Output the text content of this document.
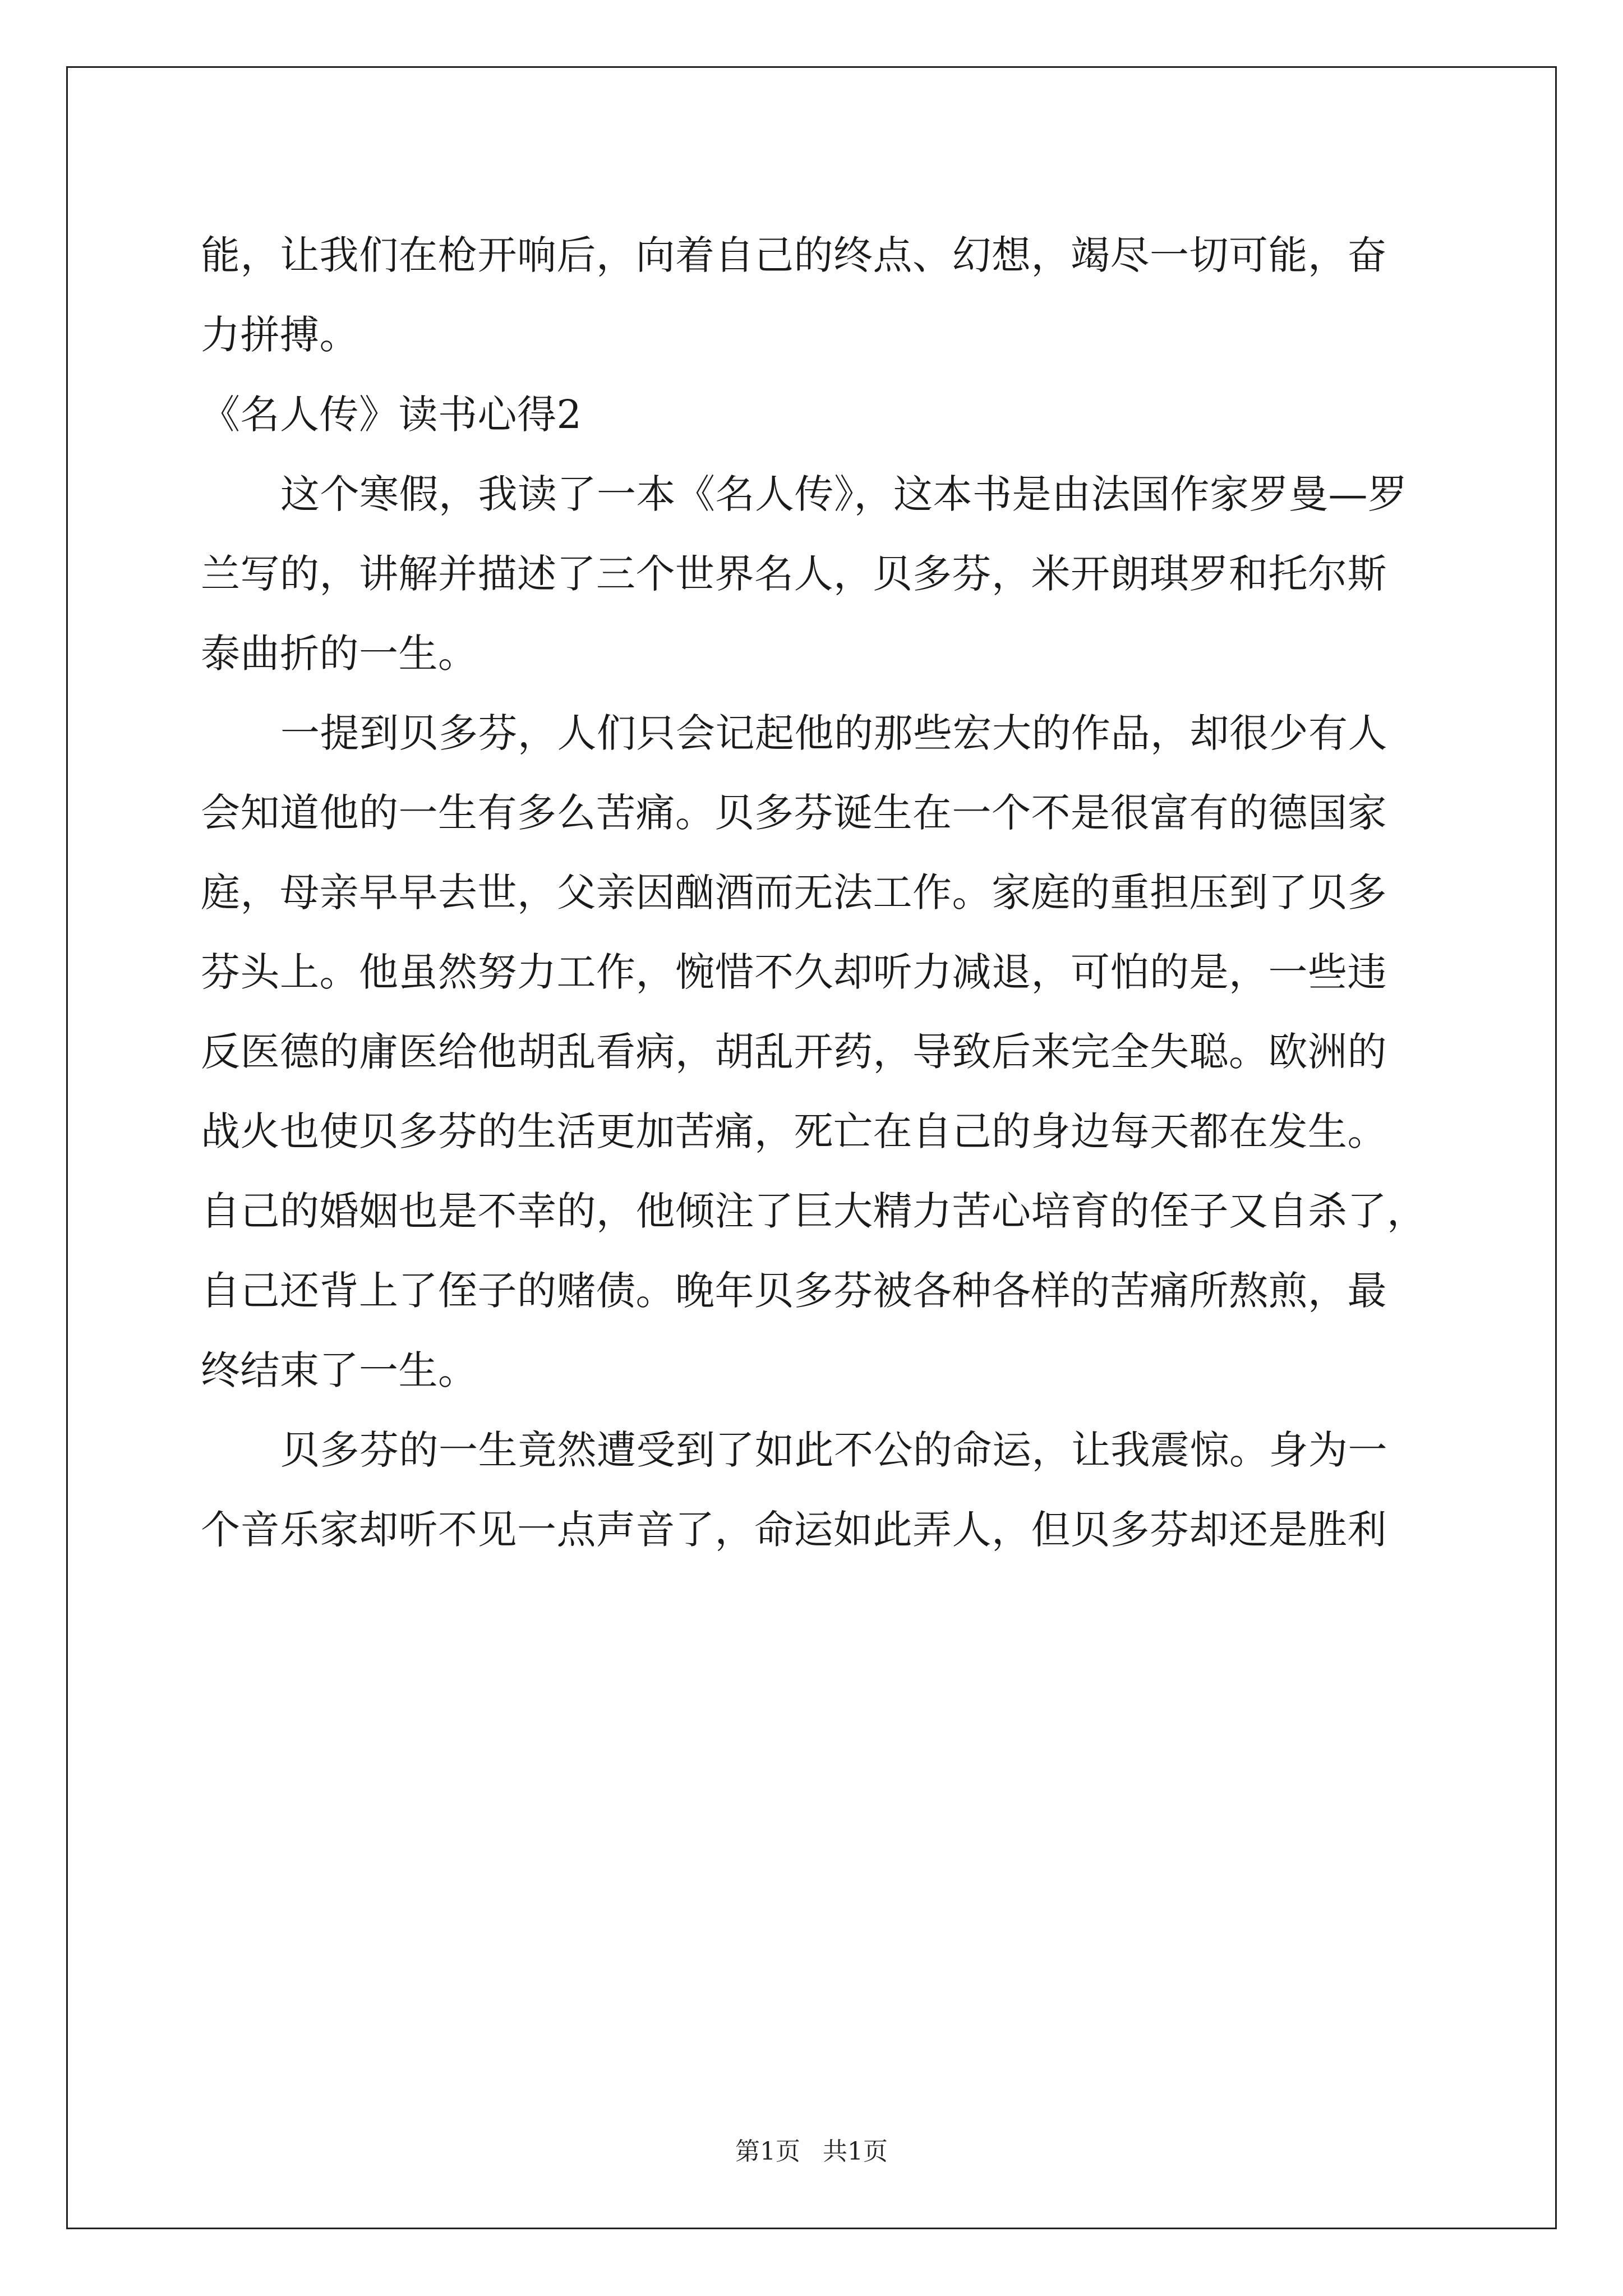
能，让我们在枪开响后，向着自己的终点、幻想，竭尽一切可能，奋
力拼搏。
《名人传》读书心得2
这个寒假，我读了一本《名人传》，这本书是由法国作家罗曼—罗
兰写的，讲解并描述了三个世界名人，贝多芬，米开朗琪罗和托尔斯
泰曲折的一生。
一提到贝多芬，人们只会记起他的那些宏大的作品，却很少有人
会知道他的一生有多么苦痛。贝多芬诞生在一个不是很富有的德国家
庭，母亲早早去世，父亲因酗酒而无法工作。家庭的重担压到了贝多
芬头上。他虽然努力工作，惋惜不久却听力减退，可怕的是，一些违
反医德的庸医给他胡乱看病，胡乱开药，导致后来完全失聪。欧洲的
战火也使贝多芬的生活更加苦痛，死亡在自己的身边每天都在发生。
自己的婚姻也是不幸的，他倾注了巨大精力苦心培育的侄子又自杀了，
自己还背上了侄子的赌债。晚年贝多芬被各种各样的苦痛所熬煎，最
终结束了一生。
贝多芬的一生竟然遭受到了如此不公的命运，让我震惊。身为一
个音乐家却听不见一点声音了，命运如此弄人，但贝多芬却还是胜利
第1页 共1页
